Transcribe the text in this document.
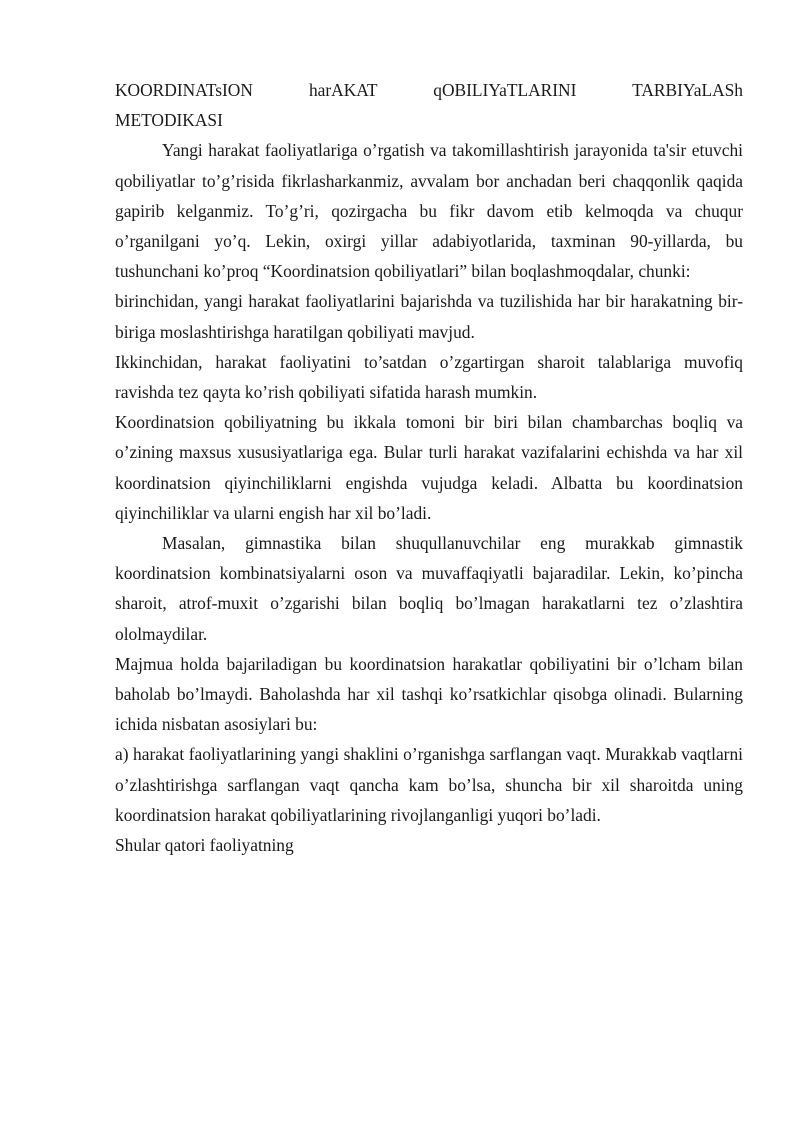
KOORDINATsION harAKAT qOBILIYaTLARINI TARBIYaLASh METODIKASI

Yangi harakat faoliyatlariga o’rgatish va takomillashtirish jarayonida ta'sir etuvchi qobiliyatlar to’g’risida fikrlasharkanmiz, avvalam bor anchadan beri chaqqonlik qaqida gapirib kelganmiz. To’g’ri, qozirgacha bu fikr davom etib kelmoqda va chuqur o’rganilgani yo’q. Lekin, oxirgi yillar adabiyotlarida, taxminan 90-yillarda, bu tushunchani ko’proq “Koordinatsion qobiliyatlari” bilan boqlashmoqdalar, chunki:

birinchidan, yangi harakat faoliyatlarini bajarishda va tuzilishida har bir harakatning bir-biriga moslashtirishga haratilgan qobiliyati mavjud.

Ikkinchidan, harakat faoliyatini to’satdan o’zgartirgan sharoit talablariga muvofiq ravishda tez qayta ko’rish qobiliyati sifatida harash mumkin.

Koordinatsion qobiliyatning bu ikkala tomoni bir biri bilan chambarchas boqliq va o’zining maxsus xususiyatlariga ega. Bular turli harakat vazifalarini echishda va har xil koordinatsion qiyinchiliklarni engishda vujudga keladi. Albatta bu koordinatsion qiyinchiliklar va ularni engish har xil bo’ladi.

Masalan, gimnastika bilan shuqullanuvchilar eng murakkab gimnastik koordinatsion kombinatsiyalarni oson va muvaffaqiyatli bajaradilar. Lekin, ko’pincha sharoit, atrof-muxit o’zgarishi bilan boqliq bo’lmagan harakatlarni tez o’zlashtira ololmaydilar.

Majmua holda bajariladigan bu koordinatsion harakatlar qobiliyatini bir o’lcham bilan baholab bo’lmaydi. Baholashda har xil tashqi ko’rsatkichlar qisobga olinadi. Bularning ichida nisbatan asosiylari bu:

a) harakat faoliyatlarining yangi shaklini o’rganishga sarflangan vaqt. Murakkab vaqtlarni o’zlashtirishga sarflangan vaqt qancha kam bo’lsa, shuncha bir xil sharoitda uning koordinatsion harakat qobiliyatlarining rivojlanganligi yuqori bo’ladi.

Shular qatori faoliyatning
